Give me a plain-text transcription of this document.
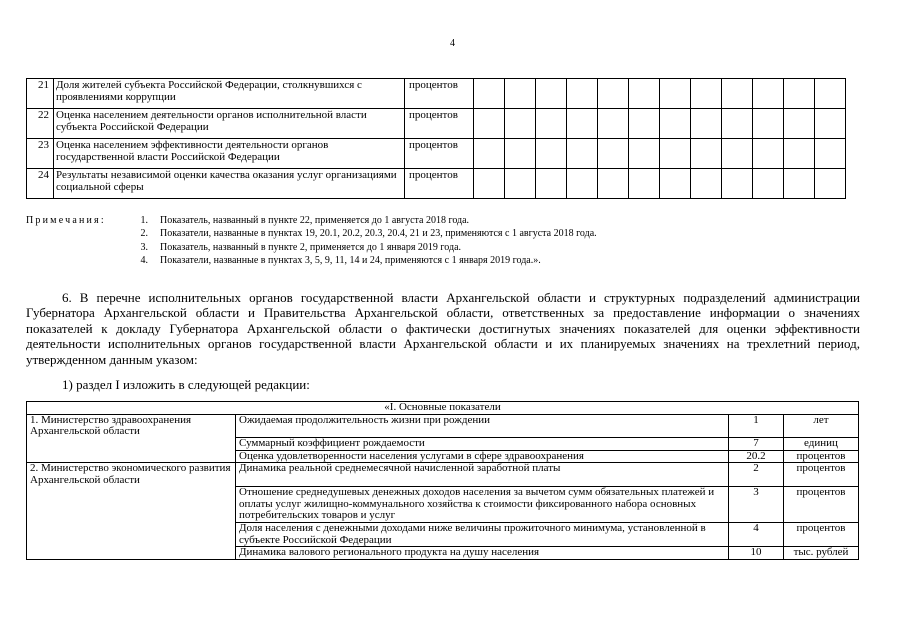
4
21	Доля жителей субъекта Российской Федерации, столкнувшихся с проявлениями коррупции	процентов												
22	Оценка населением деятельности органов исполнительной власти субъекта Российской Федерации	процентов												
23	Оценка населением эффективности деятельности органов государственной власти Российской Федерации	процентов												
24	Результаты независимой оценки качества оказания услуг организациями социальной сферы	процентов												
Примечания:	1. Показатель, названный в пункте 22, применяется до 1 августа 2018 года.
2. Показатели, названные в пунктах 19, 20.1, 20.2, 20.3, 20.4, 21 и 23, применяются с 1 августа 2018 года.
3. Показатель, названный в пункте 2, применяется до 1 января 2019 года.
4. Показатели, названные в пунктах 3, 5, 9, 11, 14 и 24, применяются с 1 января 2019 года.».

6. В перечне исполнительных органов государственной власти Архангельской области и структурных подразделений администрации Губернатора Архангельской области и Правительства Архангельской области, ответственных за предоставление информации о значениях показателей к докладу Губернатора Архангельской области о фактически достигнутых значениях показателей для оценки эффективности деятельности исполнительных органов государственной власти Архангельской области и их планируемых значениях на трехлетний период, утвержденном данным указом:

1) раздел I изложить в следующей редакции:
«I. Основные показатели			
1. Министерство здравоохранения Архангельской области	Ожидаемая продолжительность жизни при рождении	1	лет
	Суммарный коэффициент рождаемости	7	единиц
	Оценка удовлетворенности населения услугами в сфере здравоохранения	20.2	процентов
2. Министерство экономического развития Архангельской области	Динамика реальной среднемесячной начисленной заработной платы	2	процентов
	Отношение среднедушевых денежных доходов населения за вычетом сумм обязательных платежей и оплаты услуг жилищно-коммунального хозяйства к стоимости фиксированного набора основных потребительских товаров и услуг	3	процентов
	Доля населения с денежными доходами ниже величины прожиточного минимума, установленной в субъекте Российской Федерации	4	процентов
	Динамика валового регионального продукта на душу населения	10	тыс. рублей
